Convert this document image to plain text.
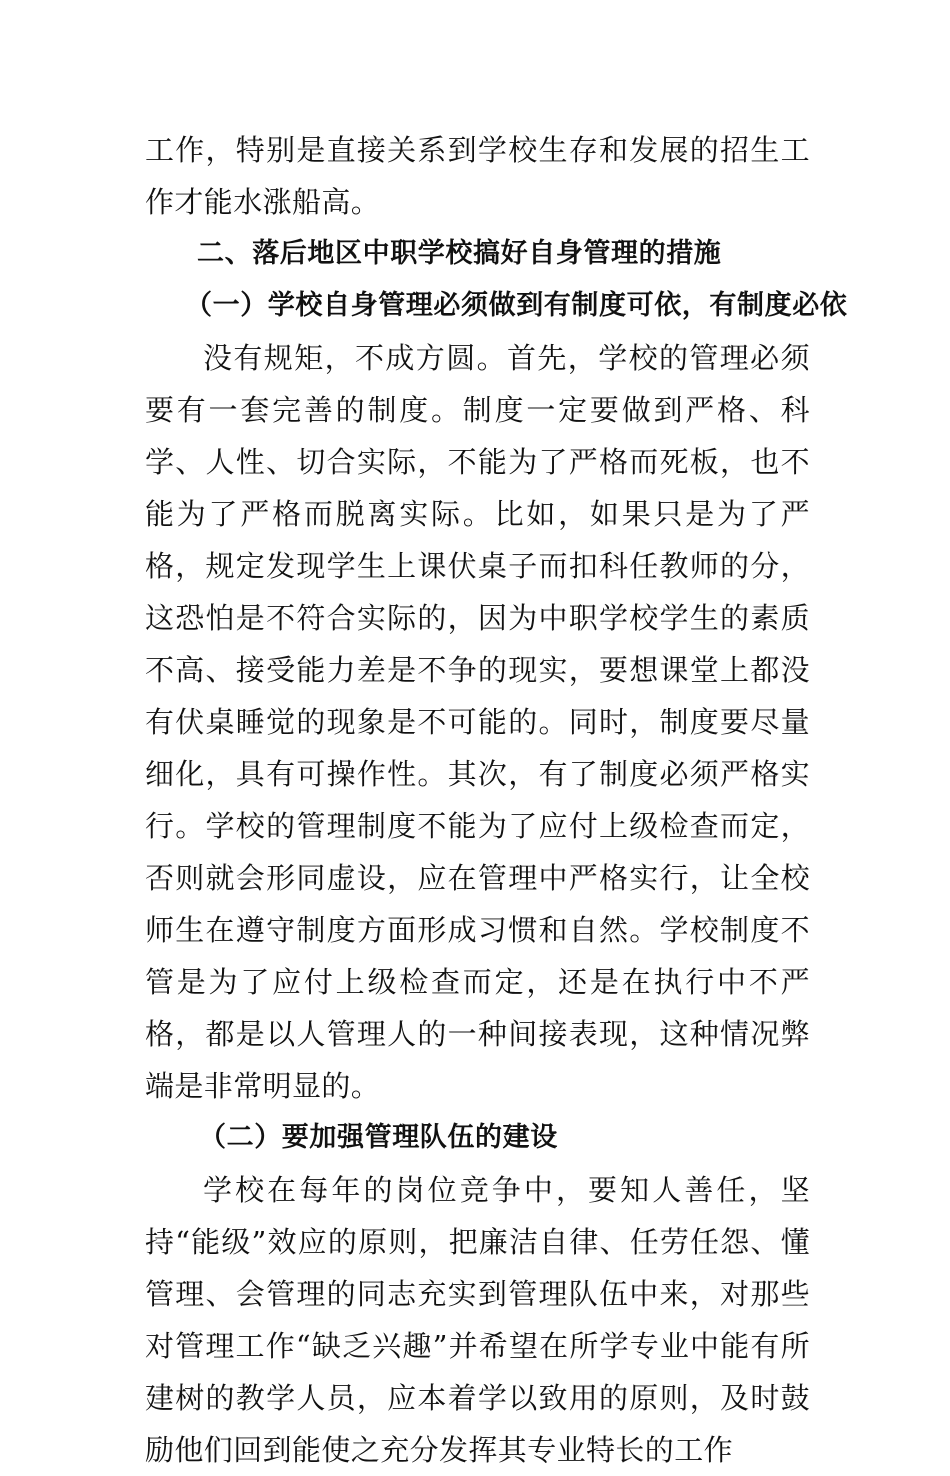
工作，特别是直接关系到学校生存和发展的招生工作才能水涨船高。

二、落后地区中职学校搞好自身管理的措施
（一）学校自身管理必须做到有制度可依，有制度必依

没有规矩，不成方圆。首先，学校的管理必须要有一套完善的制度。制度一定要做到严格、科学、人性、切合实际，不能为了严格而死板，也不能为了严格而脱离实际。比如，如果只是为了严格，规定发现学生上课伏桌子而扣科任教师的分，这恐怕是不符合实际的，因为中职学校学生的素质不高、接受能力差是不争的现实，要想课堂上都没有伏桌睡觉的现象是不可能的。同时，制度要尽量细化，具有可操作性。其次，有了制度必须严格实行。学校的管理制度不能为了应付上级检查而定，否则就会形同虚设，应在管理中严格实行，让全校师生在遵守制度方面形成习惯和自然。学校制度不管是为了应付上级检查而定，还是在执行中不严格，都是以人管理人的一种间接表现，这种情况弊端是非常明显的。

（二）要加强管理队伍的建设

学校在每年的岗位竞争中，要知人善任，坚持“能级”效应的原则，把廉洁自律、任劳任怨、懂管理、会管理的同志充实到管理队伍中来，对那些对管理工作“缺乏兴趣”并希望在所学专业中能有所建树的教学人员，应本着学以致用的原则，及时鼓励他们回到能使之充分发挥其专业特长的工作
